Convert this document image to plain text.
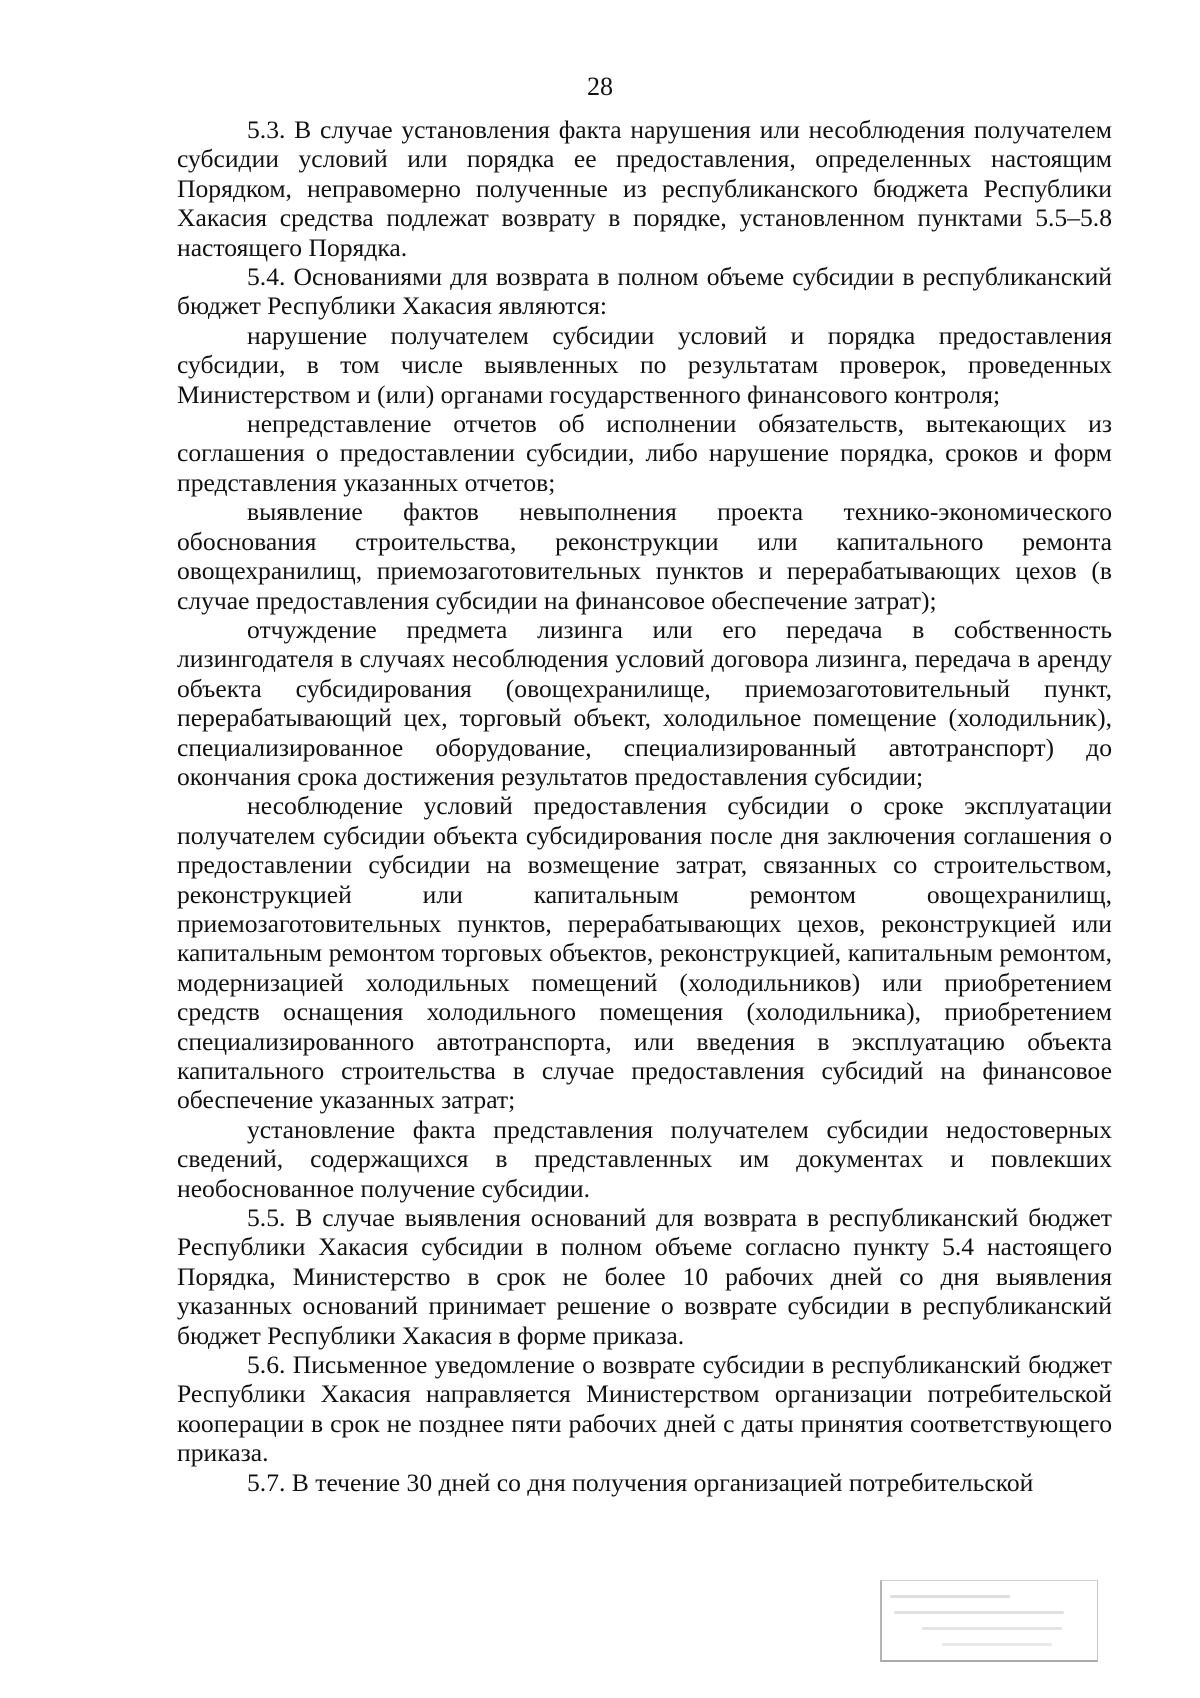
28

5.3. В случае установления факта нарушения или несоблюдения получателем субсидии условий или порядка ее предоставления, определенных настоящим Порядком, неправомерно полученные из республиканского бюджета Республики Хакасия средства подлежат возврату в порядке, установленном пунктами 5.5–5.8 настоящего Порядка.

5.4. Основаниями для возврата в полном объеме субсидии в республиканский бюджет Республики Хакасия являются:

нарушение получателем субсидии условий и порядка предоставления субсидии, в том числе выявленных по результатам проверок, проведенных Министерством и (или) органами государственного финансового контроля;

непредставление отчетов об исполнении обязательств, вытекающих из соглашения о предоставлении субсидии, либо нарушение порядка, сроков и форм представления указанных отчетов;

выявление фактов невыполнения проекта технико-экономического обоснования строительства, реконструкции или капитального ремонта овощехранилищ, приемозаготовительных пунктов и перерабатывающих цехов (в случае предоставления субсидии на финансовое обеспечение затрат);

отчуждение предмета лизинга или его передача в собственность лизингодателя в случаях несоблюдения условий договора лизинга, передача в аренду объекта субсидирования (овощехранилище, приемозаготовительный пункт, перерабатывающий цех, торговый объект, холодильное помещение (холодильник), специализированное оборудование, специализированный автотранспорт) до окончания срока достижения результатов предоставления субсидии;

несоблюдение условий предоставления субсидии о сроке эксплуатации получателем субсидии объекта субсидирования после дня заключения соглашения о предоставлении субсидии на возмещение затрат, связанных со строительством, реконструкцией или капитальным ремонтом овощехранилищ, приемозаготовительных пунктов, перерабатывающих цехов, реконструкцией или капитальным ремонтом торговых объектов, реконструкцией, капитальным ремонтом, модернизацией холодильных помещений (холодильников) или приобретением средств оснащения холодильного помещения (холодильника), приобретением специализированного автотранспорта, или введения в эксплуатацию объекта капитального строительства в случае предоставления субсидий на финансовое обеспечение указанных затрат;

установление факта представления получателем субсидии недостоверных сведений, содержащихся в представленных им документах и повлекших необоснованное получение субсидии.

5.5. В случае выявления оснований для возврата в республиканский бюджет Республики Хакасия субсидии в полном объеме согласно пункту 5.4 настоящего Порядка, Министерство в срок не более 10 рабочих дней со дня выявления указанных оснований принимает решение о возврате субсидии в республиканский бюджет Республики Хакасия в форме приказа.

5.6. Письменное уведомление о возврате субсидии в республиканский бюджет Республики Хакасия направляется Министерством организации потребительской кооперации в срок не позднее пяти рабочих дней с даты принятия соответствующего приказа.

5.7. В течение 30 дней со дня получения организацией потребительской
